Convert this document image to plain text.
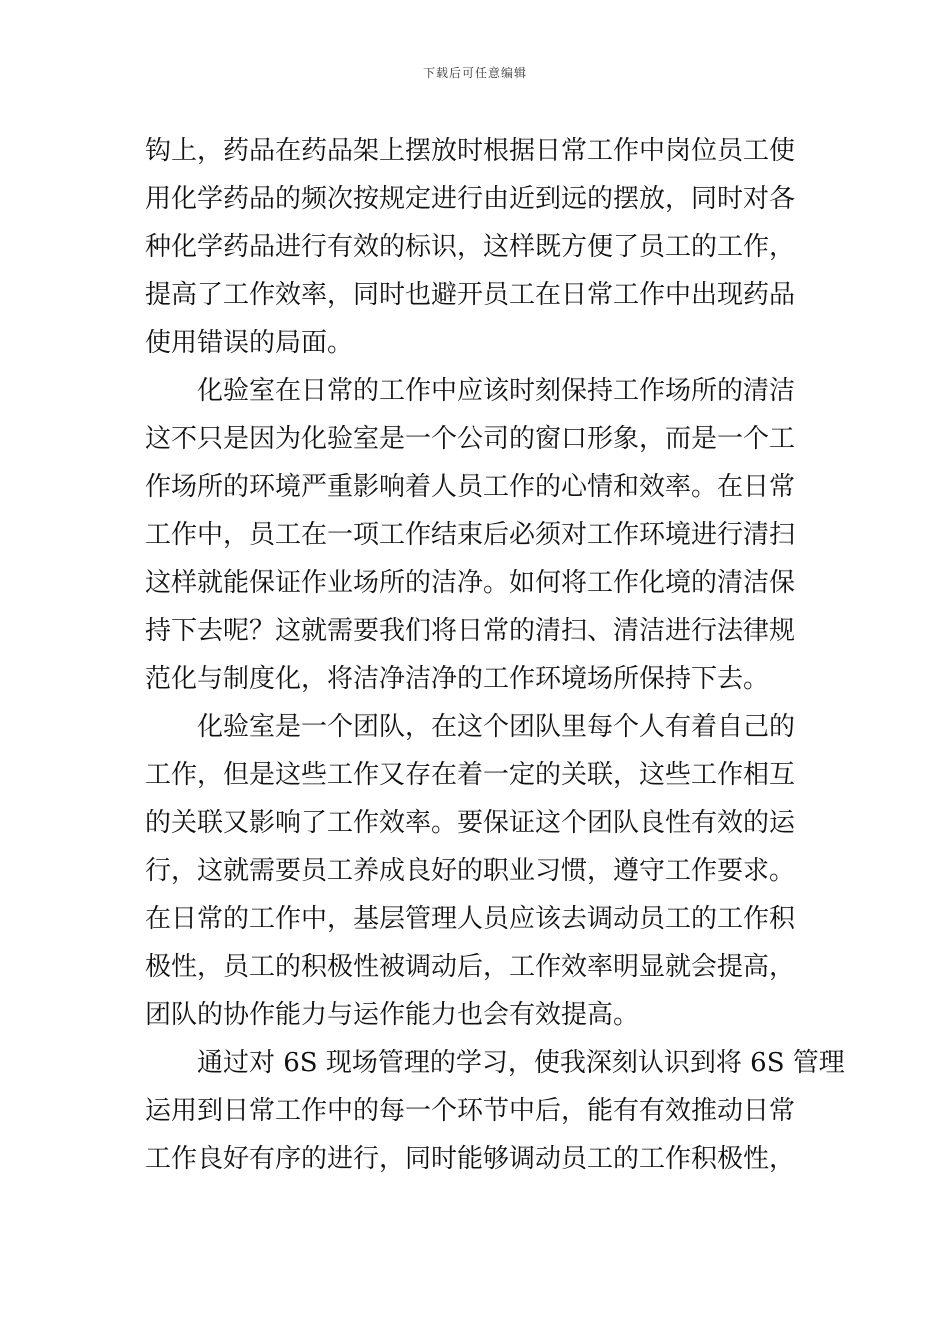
下载后可任意编辑
钩上，药品在药品架上摆放时根据日常工作中岗位员工使
用化学药品的频次按规定进行由近到远的摆放，同时对各
种化学药品进行有效的标识，这样既方便了员工的工作，
提高了工作效率，同时也避开员工在日常工作中出现药品
使用错误的局面。
化验室在日常的工作中应该时刻保持工作场所的清洁
这不只是因为化验室是一个公司的窗口形象，而是一个工
作场所的环境严重影响着人员工作的心情和效率。在日常
工作中，员工在一项工作结束后必须对工作环境进行清扫
这样就能保证作业场所的洁净。如何将工作化境的清洁保
持下去呢？这就需要我们将日常的清扫、清洁进行法律规
范化与制度化，将洁净洁净的工作环境场所保持下去。
化验室是一个团队，在这个团队里每个人有着自己的
工作，但是这些工作又存在着一定的关联，这些工作相互
的关联又影响了工作效率。要保证这个团队良性有效的运
行，这就需要员工养成良好的职业习惯，遵守工作要求。
在日常的工作中，基层管理人员应该去调动员工的工作积
极性，员工的积极性被调动后，工作效率明显就会提高，
团队的协作能力与运作能力也会有效提高。
通过对 6S 现场管理的学习，使我深刻认识到将 6S 管理
运用到日常工作中的每一个环节中后，能有有效推动日常
工作良好有序的进行，同时能够调动员工的工作积极性，
